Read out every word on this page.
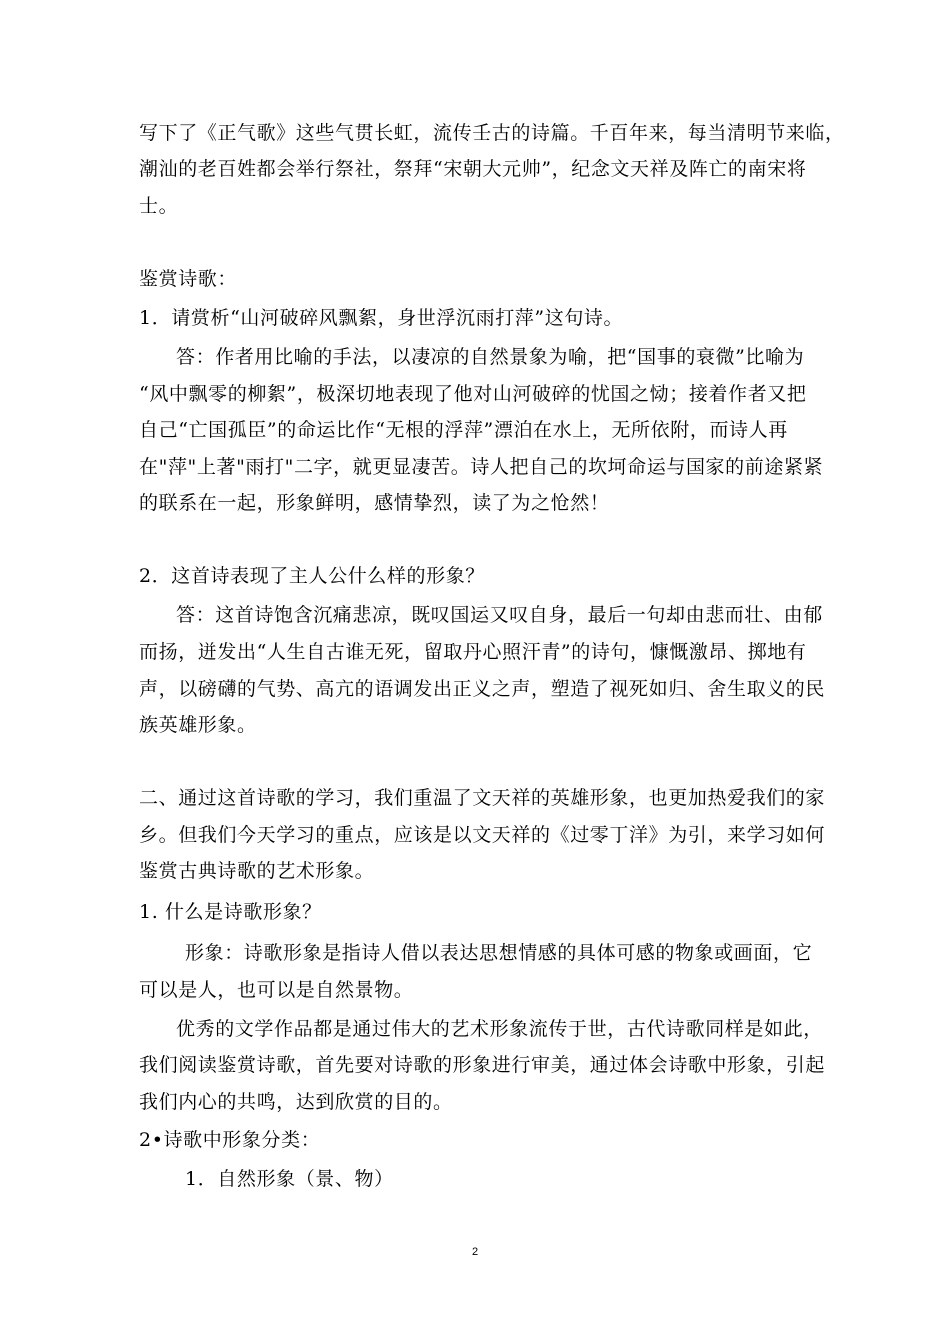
写下了《正气歌》这些气贯长虹，流传壬古的诗篇。千百年来，每当清明节来临，
潮汕的老百姓都会举行祭社，祭拜“宋朝大元帅”，纪念文天祥及阵亡的南宋将
士。
鉴赏诗歌：
1．请赏析“山河破碎风飘絮，身世浮沉雨打萍”这句诗。
答：作者用比喻的手法，以凄凉的自然景象为喻，把“国事的衰微”比喻为
“风中飘零的柳絮”，极深切地表现了他对山河破碎的忧国之恸；接着作者又把
自己“亡国孤臣”的命运比作“无根的浮萍”漂泊在水上，无所依附，而诗人再
在"萍"上著"雨打"二字，就更显凄苦。诗人把自己的坎坷命运与国家的前途紧紧
的联系在一起，形象鲜明，感情挚烈，读了为之怆然！
2．这首诗表现了主人公什么样的形象？
答：这首诗饱含沉痛悲凉，既叹国运又叹自身，最后一句却由悲而壮、由郁
而扬，迸发出“人生自古谁无死，留取丹心照汗青”的诗句，慷慨激昂、掷地有
声，以磅礴的气势、高亢的语调发出正义之声，塑造了视死如归、舍生取义的民
族英雄形象。
二、通过这首诗歌的学习，我们重温了文天祥的英雄形象，也更加热爱我们的家
乡。但我们今天学习的重点，应该是以文天祥的《过零丁洋》为引，来学习如何
鉴赏古典诗歌的艺术形象。
1. 什么是诗歌形象？
形象：诗歌形象是指诗人借以表达思想情感的具体可感的物象或画面，它
可以是人，也可以是自然景物。
优秀的文学作品都是通过伟大的艺术形象流传于世，古代诗歌同样是如此，
我们阅读鉴赏诗歌，首先要对诗歌的形象进行审美，通过体会诗歌中形象，引起
我们内心的共鸣，达到欣赏的目的。
2•诗歌中形象分类：
1．自然形象（景、物）
2
